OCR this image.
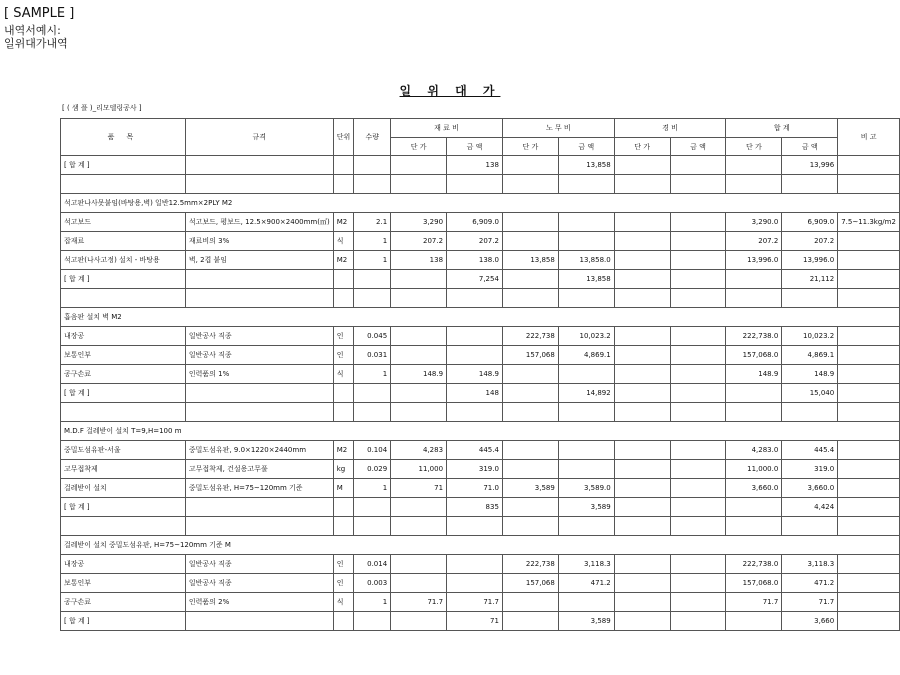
[ SAMPLE ]
내역서예시:
일위대가내역
일 위 대 가
[ ( 샘 플 )_리모델링공사 ]
품 목	규격	단위	수량	재 료 비		노 무 비		경 비		합 계		비 고
				단 가	금 액	단 가	금 액	단 가	금 액	단 가	금 액	
[ 합 계 ]					138		13,858				13,996	

석고판나사못붙임(바탕용,벽) 일반12.5mm×2PLY M2												
석고보드	석고보드, 평보드, 12.5×900×2400mm(㎡)	M2	2.1	3,290	6,909.0					3,290.0	6,909.0	7.5~11.3kg/m2
잡재료	재료비의 3%	식	1	207.2	207.2					207.2	207.2	
석고판(나사고정) 설치 - 바탕용	벽, 2겹 붙임	M2	1	138	138.0	13,858	13,858.0			13,996.0	13,996.0	
[ 합 계 ]					7,254		13,858				21,112	

흡음판 설치 벽 M2												
내장공	일반공사 직종	인	0.045			222,738	10,023.2			222,738.0	10,023.2	
보통인부	일반공사 직종	인	0.031			157,068	4,869.1			157,068.0	4,869.1	
공구손료	인력품의 1%	식	1	148.9	148.9					148.9	148.9	
[ 합 계 ]					148		14,892				15,040	

M.D.F 걸레받이 설치 T=9,H=100 m												
중밀도섬유판-서울	중밀도섬유판, 9.0×1220×2440mm	M2	0.104	4,283	445.4					4,283.0	445.4	
고무접착제	고무접착제, 건설용고무풀	kg	0.029	11,000	319.0					11,000.0	319.0	
걸레받이 설치	중밀도섬유판, H=75~120mm 기준	M	1	71	71.0	3,589	3,589.0			3,660.0	3,660.0	
[ 합 계 ]					835		3,589				4,424	

걸레받이 설치 중밀도섬유판, H=75~120mm 기준 M												
내장공	일반공사 직종	인	0.014			222,738	3,118.3			222,738.0	3,118.3	
보통인부	일반공사 직종	인	0.003			157,068	471.2			157,068.0	471.2	
공구손료	인력품의 2%	식	1	71.7	71.7					71.7	71.7	
[ 합 계 ]					71		3,589				3,660	
